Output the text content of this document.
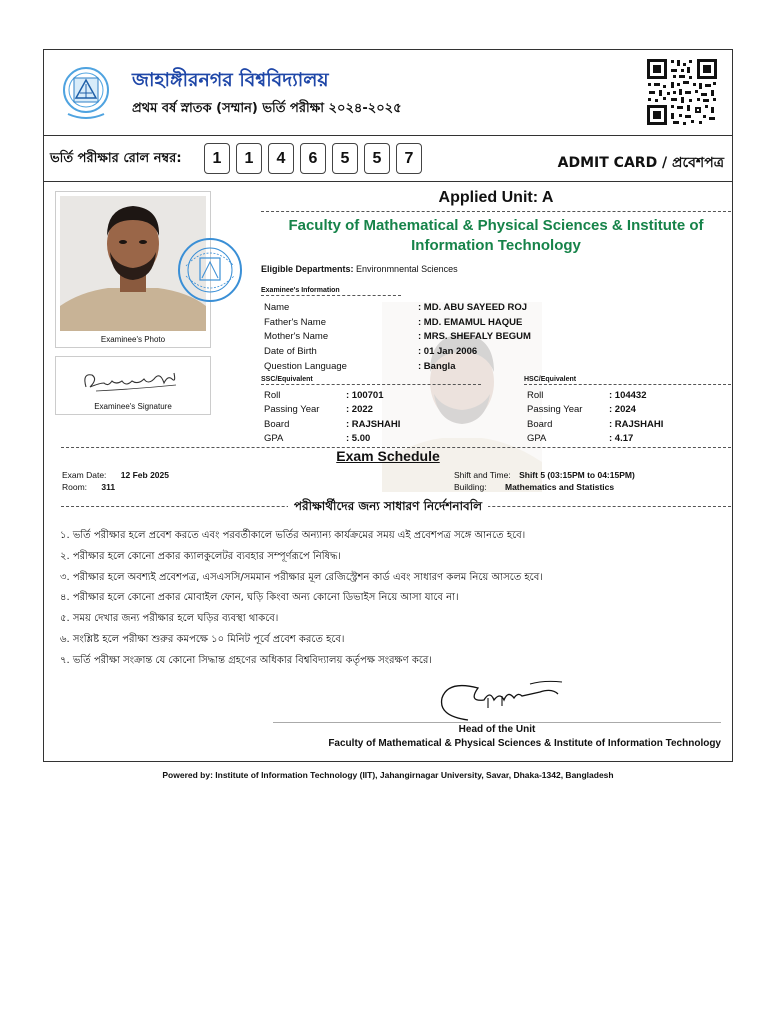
জাহাঙ্গীরনগর বিশ্ববিদ্যালয়
প্রথম বর্ষ স্নাতক (সম্মান) ভর্তি পরীক্ষা ২০২৪-২০২৫
ভর্তি পরীক্ষার রোল নম্বর:	1	1	4	6	5	5	7	ADMIT CARD / প্রবেশপত্র
Examinee's Photo
Examinee's Signature
Applied Unit: A
Faculty of Mathematical & Physical Sciences & Institute of Information Technology
Eligible Departments: Environmnental Sciences
Examinee's Information
Name	: MD. ABU SAYEED ROJ
Father's Name	: MD. EMAMUL HAQUE
Mother's Name	: MRS. SHEFALY BEGUM
Date of Birth	: 01 Jan 2006
Question Language	: Bangla
SSC/Equivalent
Roll	: 100701
Passing Year	: 2022
Board	: RAJSHAHI
GPA	: 5.00
HSC/Equivalent
Roll	: 104432
Passing Year	: 2024
Board	: RAJSHAHI
GPA	: 4.17
Exam Schedule
Exam Date: 12 Feb 2025
Room: 311
Shift and Time: Shift 5 (03:15PM to 04:15PM)
Building: Mathematics and Statistics
পরীক্ষার্থীদের জন্য সাধারণ নির্দেশনাবলি
১. ভর্তি পরীক্ষার হলে প্রবেশ করতে এবং পরবর্তীকালে ভর্তির অন্যান্য কার্যক্রমের সময় এই প্রবেশপত্র সঙ্গে আনতে হবে।
২. পরীক্ষার হলে কোনো প্রকার ক্যালকুলেটর ব্যবহার সম্পূর্ণরূপে নিষিদ্ধ।
৩. পরীক্ষার হলে অবশ্যই প্রবেশপত্র, এসএসসি/সমমান পরীক্ষার মূল রেজিস্ট্রেশন কার্ড এবং সাধারণ কলম নিয়ে আসতে হবে।
৪. পরীক্ষার হলে কোনো প্রকার মোবাইল ফোন, ঘড়ি কিংবা অন্য কোনো ডিভাইস নিয়ে আসা যাবে না।
৫. সময় দেখার জন্য পরীক্ষার হলে ঘড়ির ব্যবস্থা থাকবে।
৬. সংশ্লিষ্ট হলে পরীক্ষা শুরুর কমপক্ষে ১০ মিনিট পূর্বে প্রবেশ করতে হবে।
৭. ভর্তি পরীক্ষা সংক্রান্ত যে কোনো সিদ্ধান্ত গ্রহণের অধিকার বিশ্ববিদ্যালয় কর্তৃপক্ষ সংরক্ষণ করে।
Head of the Unit
Faculty of Mathematical & Physical Sciences & Institute of Information Technology
Powered by: Institute of Information Technology (IIT), Jahangirnagar University, Savar, Dhaka-1342, Bangladesh
